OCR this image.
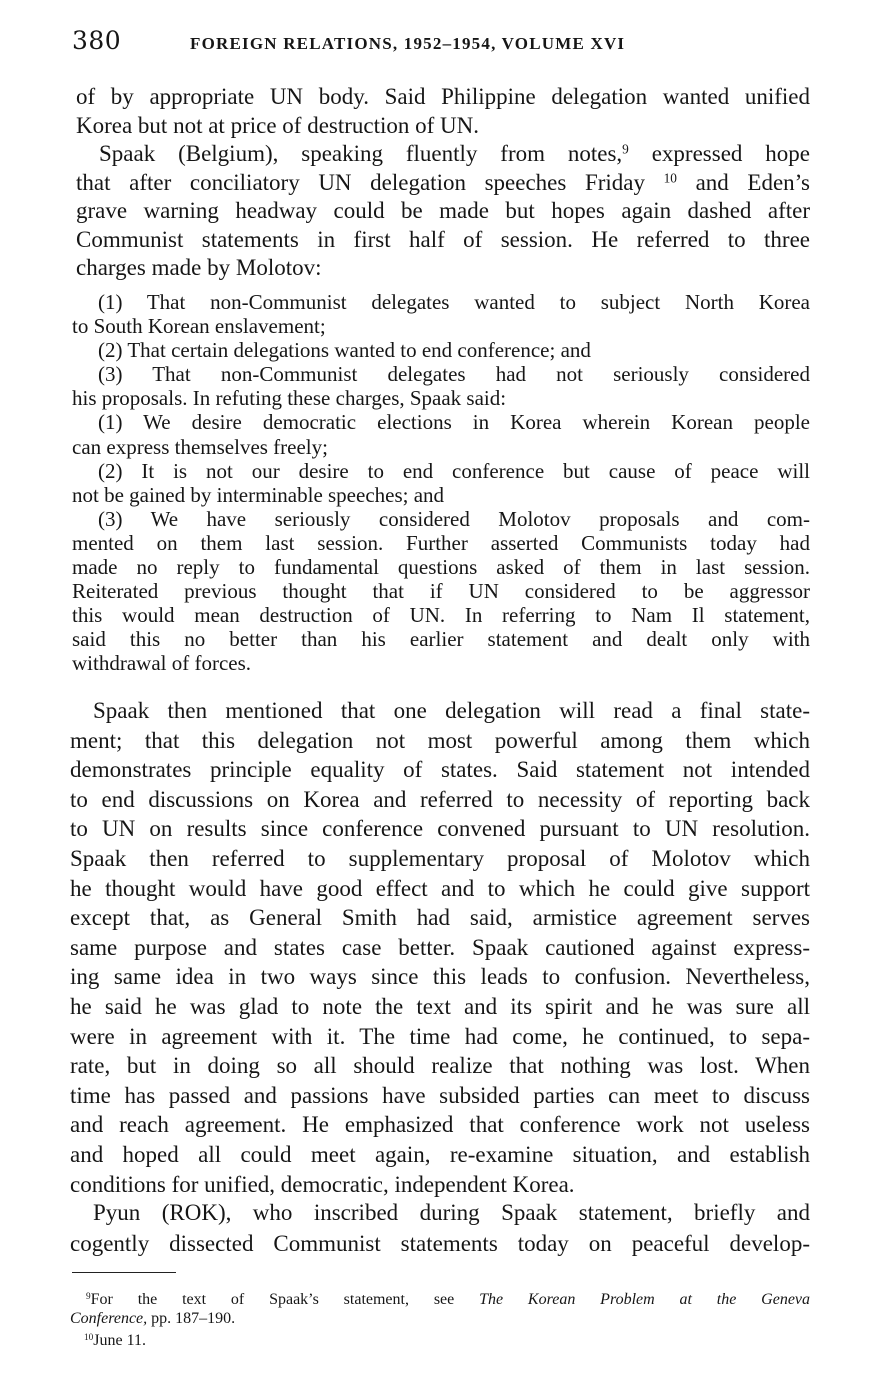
380	FOREIGN RELATIONS, 1952–1954, VOLUME XVI
of by appropriate UN body. Said Philippine delegation wanted unified
Korea but not at price of destruction of UN.
Spaak (Belgium), speaking fluently from notes,$^9$ expressed hope
that after conciliatory UN delegation speeches Friday $^{10}$ and Eden’s
grave warning headway could be made but hopes again dashed after
Communist statements in first half of session. He referred to three
charges made by Molotov:
(1) That non-Communist delegates wanted to subject North Korea
to South Korean enslavement;
(2) That certain delegations wanted to end conference; and
(3) That non-Communist delegates had not seriously considered
his proposals. In refuting these charges, Spaak said:
(1) We desire democratic elections in Korea wherein Korean people
can express themselves freely;
(2) It is not our desire to end conference but cause of peace will
not be gained by interminable speeches; and
(3) We have seriously considered Molotov proposals and com-
mented on them last session. Further asserted Communists today had
made no reply to fundamental questions asked of them in last session.
Reiterated previous thought that if UN considered to be aggressor
this would mean destruction of UN. In referring to Nam Il statement,
said this no better than his earlier statement and dealt only with
withdrawal of forces.
Spaak then mentioned that one delegation will read a final state-
ment; that this delegation not most powerful among them which
demonstrates principle equality of states. Said statement not intended
to end discussions on Korea and referred to necessity of reporting back
to UN on results since conference convened pursuant to UN resolution.
Spaak then referred to supplementary proposal of Molotov which
he thought would have good effect and to which he could give support
except that, as General Smith had said, armistice agreement serves
same purpose and states case better. Spaak cautioned against express-
ing same idea in two ways since this leads to confusion. Nevertheless,
he said he was glad to note the text and its spirit and he was sure all
were in agreement with it. The time had come, he continued, to sepa-
rate, but in doing so all should realize that nothing was lost. When
time has passed and passions have subsided parties can meet to discuss
and reach agreement. He emphasized that conference work not useless
and hoped all could meet again, re-examine situation, and establish
conditions for unified, democratic, independent Korea.
Pyun (ROK), who inscribed during Spaak statement, briefly and
cogently dissected Communist statements today on peaceful develop-
$^9$For the text of Spaak’s statement, see The Korean Problem at the Geneva
Conference, pp. 187–190.
$^{10}$June 11.
